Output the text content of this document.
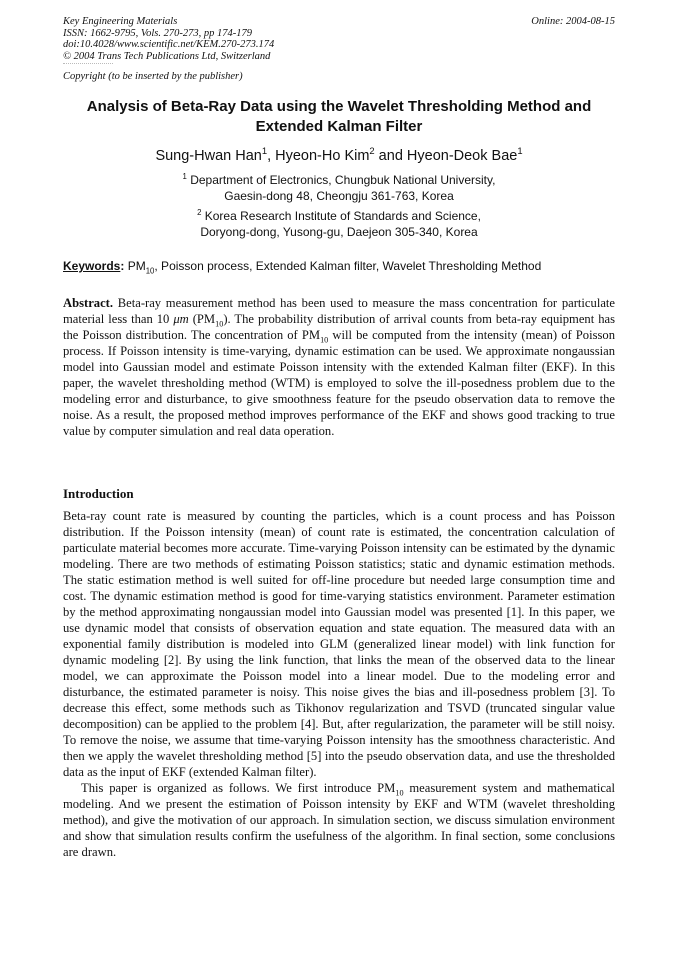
Key Engineering Materials	Online: 2004-08-15
ISSN: 1662-9795, Vols. 270-273, pp 174-179
doi:10.4028/www.scientific.net/KEM.270-273.174
© 2004 Trans Tech Publications Ltd, Switzerland
Copyright (to be inserted by the publisher)
Analysis of Beta-Ray Data using the Wavelet Thresholding Method and
Extended Kalman Filter
Sung-Hwan Han$^1$, Hyeon-Ho Kim$^2$ and Hyeon-Deok Bae$^1$
$^1$ Department of Electronics, Chungbuk National University,
Gaesin-dong 48, Cheongju 361-763, Korea
$^2$ Korea Research Institute of Standards and Science,
Doryong-dong, Yusong-gu, Daejeon 305-340, Korea
Keywords: $PM_{10}$, Poisson process, Extended Kalman filter, Wavelet Thresholding Method
Abstract. Beta-ray measurement method has been used to measure the mass concentration for particulate material less than 10 μm $(PM_{10})$. The probability distribution of arrival counts from beta-ray equipment has the Poisson distribution. The concentration of $PM_{10}$ will be computed from the intensity (mean) of Poisson process. If Poisson intensity is time-varying, dynamic estimation can be used. We approximate nongaussian model into Gaussian model and estimate Poisson intensity with the extended Kalman filter (EKF). In this paper, the wavelet thresholding method (WTM) is employed to solve the ill-posedness problem due to the modeling error and disturbance, to give smoothness feature for the pseudo observation data to remove the noise. As a result, the proposed method improves performance of the EKF and shows good tracking to true value by computer simulation and real data operation.
Introduction

Beta-ray count rate is measured by counting the particles, which is a count process and has Poisson distribution. If the Poisson intensity (mean) of count rate is estimated, the concentration calculation of particulate material becomes more accurate. Time-varying Poisson intensity can be estimated by the dynamic modeling. There are two methods of estimating Poisson statistics; static and dynamic estimation methods. The static estimation method is well suited for off-line procedure but needed large consumption time and cost. The dynamic estimation method is good for time-varying statistics environment. Parameter estimation by the method approximating nongaussian model into Gaussian model was presented [1]. In this paper, we use dynamic model that consists of observation equation and state equation. The measured data with an exponential family distribution is modeled into GLM (generalized linear model) with link function for dynamic modeling [2]. By using the link function, that links the mean of the observed data to the linear model, we can approximate the Poisson model into a linear model. Due to the modeling error and disturbance, the estimated parameter is noisy. This noise gives the bias and ill-posedness problem [3]. To decrease this effect, some methods such as Tikhonov regularization and TSVD (truncated singular value decomposition) can be applied to the problem [4]. But, after regularization, the parameter will be still noisy. To remove the noise, we assume that time-varying Poisson intensity has the smoothness characteristic. And then we apply the wavelet thresholding method [5] into the pseudo observation data, and use the thresholded data as the input of EKF (extended Kalman filter).

This paper is organized as follows. We first introduce $PM_{10}$ measurement system and mathematical modeling. And we present the estimation of Poisson intensity by EKF and WTM (wavelet thresholding method), and give the motivation of our approach. In simulation section, we discuss simulation environment and show that simulation results confirm the usefulness of the algorithm. In final section, some conclusions are drawn.
